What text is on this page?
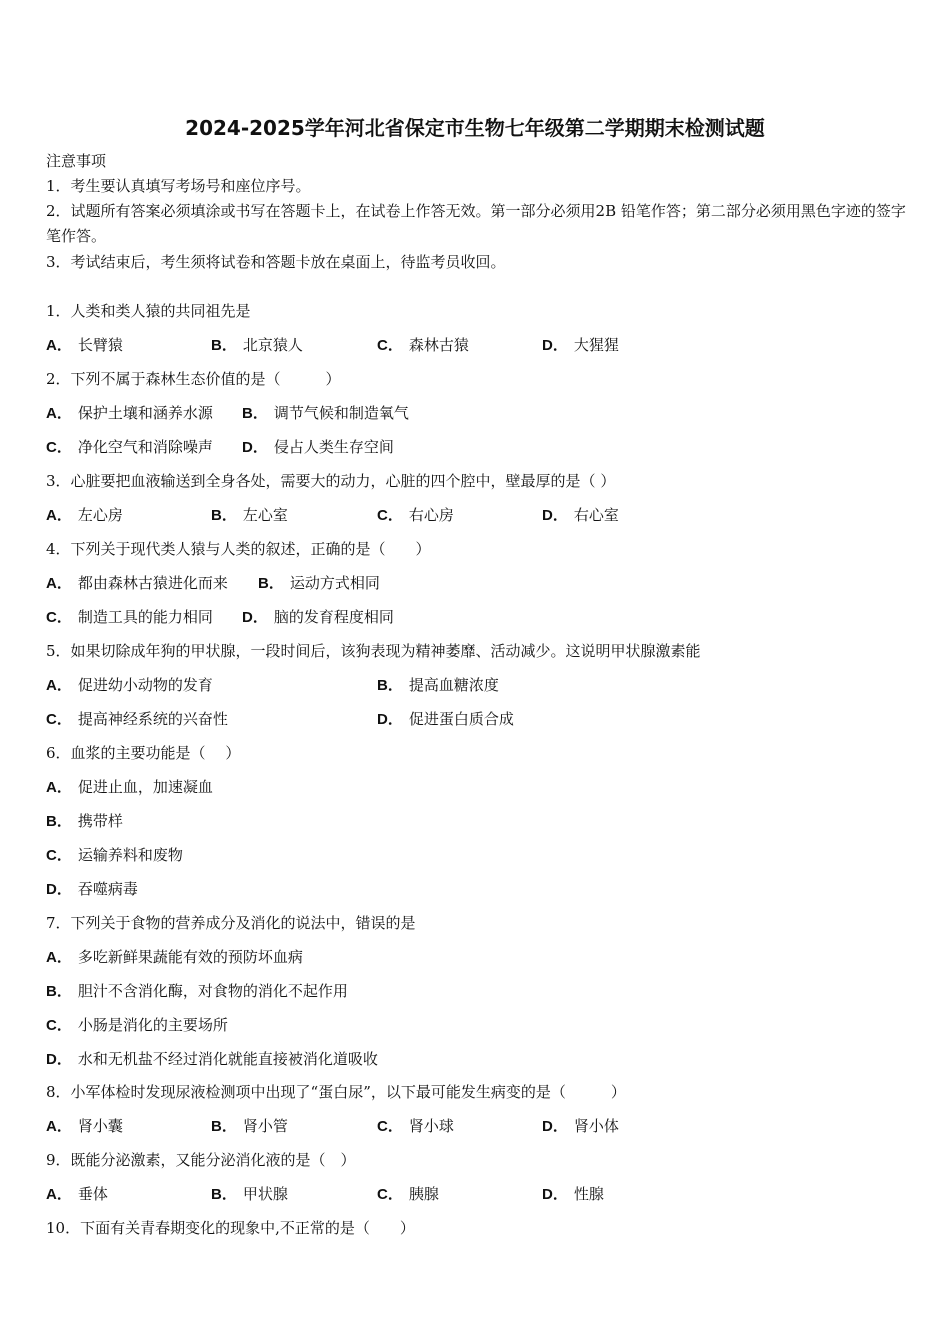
2024-2025学年河北省保定市生物七年级第二学期期末检测试题
注意事项
1．考生要认真填写考场号和座位序号。
2．试题所有答案必须填涂或书写在答题卡上，在试卷上作答无效。第一部分必须用2B 铅笔作答；第二部分必须用黑色字迹的签字笔作答。
3．考试结束后，考生须将试卷和答题卡放在桌面上，待监考员收回。
1．人类和类人猿的共同祖先是
A． 长臂猿	B． 北京猿人	C． 森林古猿	D． 大猩猩
2．下列不属于森林生态价值的是（　　　）
A． 保护土壤和涵养水源 B． 调节气候和制造氧气
C． 净化空气和消除噪声 D． 侵占人类生存空间
3．心脏要把血液输送到全身各处，需要大的动力，心脏的四个腔中，壁最厚的是（ ）
A． 左心房	B． 左心室	C． 右心房	D． 右心室
4．下列关于现代类人猿与人类的叙述，正确的是（　　）
A． 都由森林古猿进化而来 B． 运动方式相同
C． 制造工具的能力相同 D． 脑的发育程度相同
5．如果切除成年狗的甲状腺，一段时间后，该狗表现为精神萎靡、活动减少。这说明甲状腺激素能
A． 促进幼小动物的发育	B． 提高血糖浓度
C． 提高神经系统的兴奋性	D． 促进蛋白质合成
6．血浆的主要功能是（　 ）
A． 促进止血，加速凝血
B． 携带样
C． 运输养料和废物
D． 吞噬病毒
7．下列关于食物的营养成分及消化的说法中，错误的是
A． 多吃新鲜果蔬能有效的预防坏血病
B． 胆汁不含消化酶，对食物的消化不起作用
C． 小肠是消化的主要场所
D． 水和无机盐不经过消化就能直接被消化道吸收
8．小军体检时发现尿液检测项中出现了“蛋白尿”，以下最可能发生病变的是（　　　）
A． 肾小囊	B． 肾小管	C． 肾小球	D． 肾小体
9．既能分泌激素，又能分泌消化液的是（　）
A． 垂体	B． 甲状腺	C． 胰腺	D． 性腺
10．下面有关青春期变化的现象中,不正常的是（　　）
